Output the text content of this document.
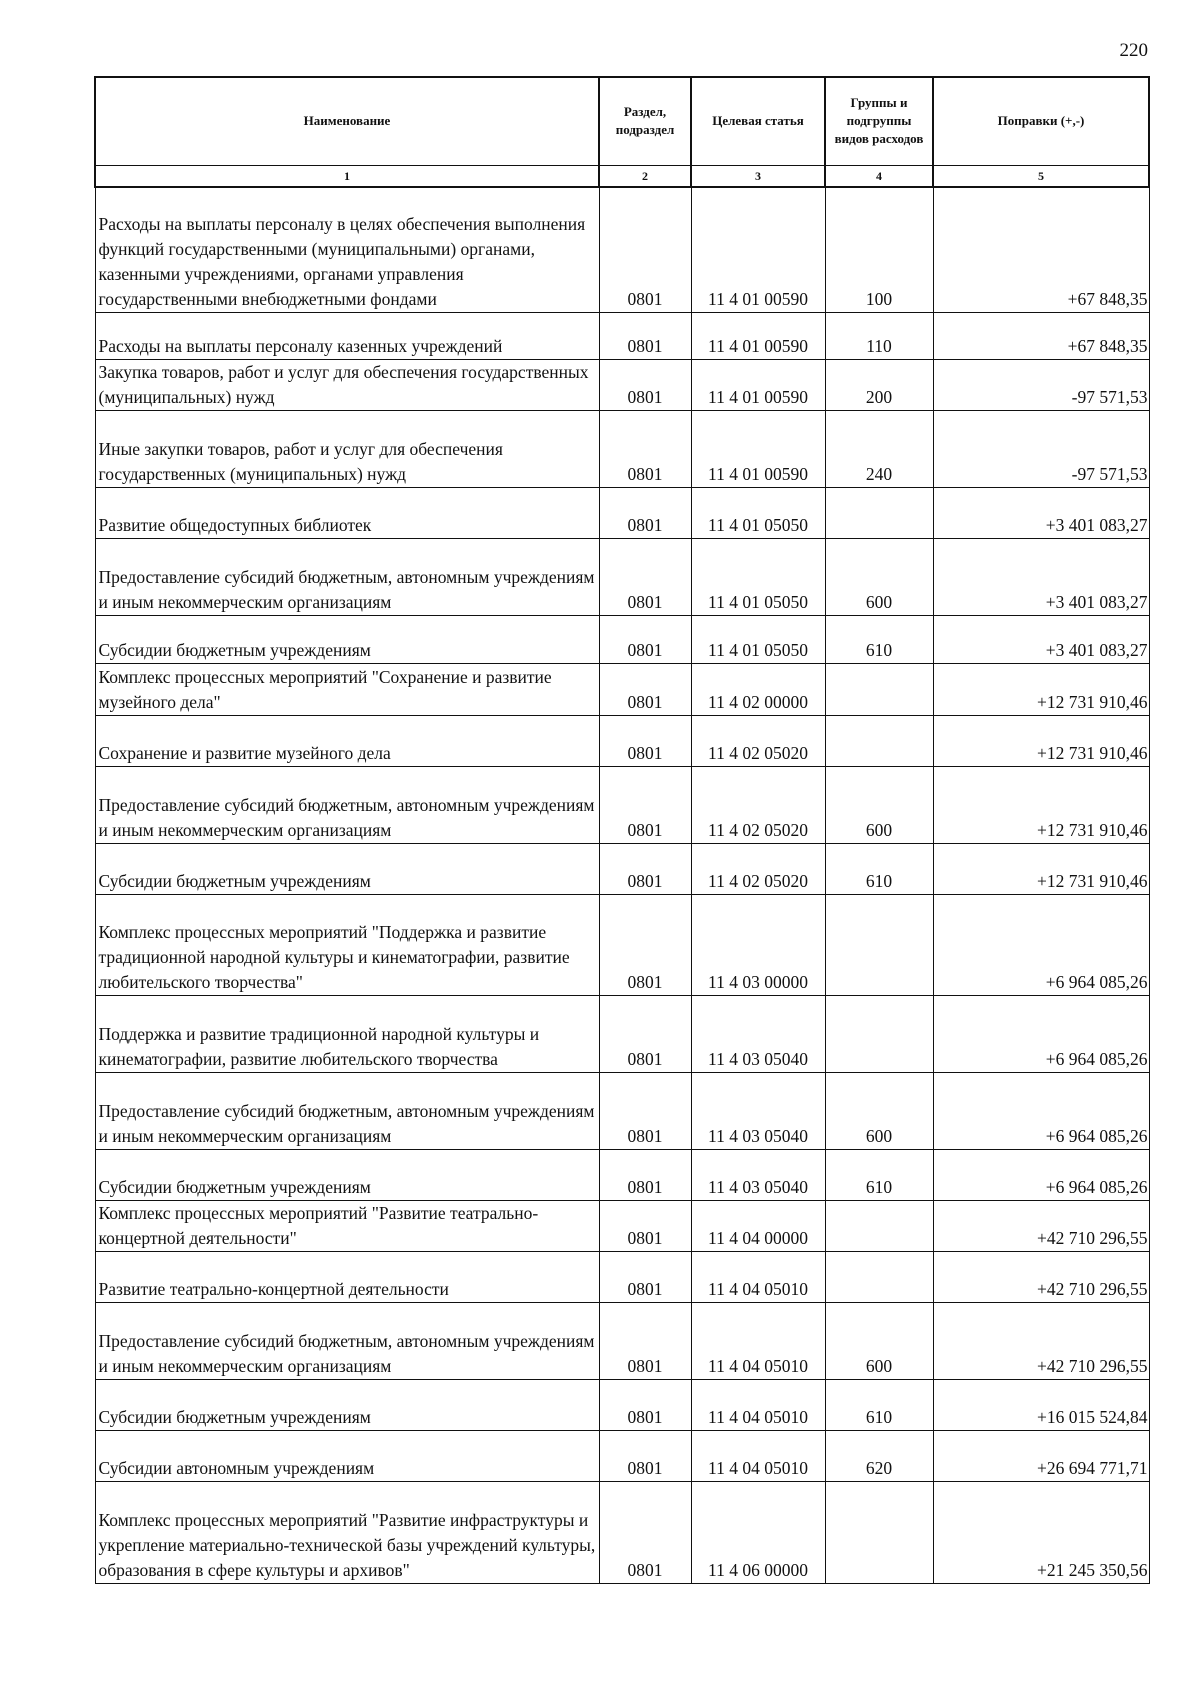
220
Наименование	Раздел, подраздел	Целевая статья	Группы и подгруппы видов расходов	Поправки (+,-)
1	2	3	4	5
Расходы на выплаты персоналу в целях обеспечения выполнения функций государственными (муниципальными) органами, казенными учреждениями, органами управления государственными внебюджетными фондами	0801	11 4 01 00590	100	+67 848,35
Расходы на выплаты персоналу казенных учреждений	0801	11 4 01 00590	110	+67 848,35
Закупка товаров, работ и услуг для обеспечения государственных (муниципальных) нужд	0801	11 4 01 00590	200	-97 571,53
Иные закупки товаров, работ и услуг для обеспечения государственных (муниципальных) нужд	0801	11 4 01 00590	240	-97 571,53
Развитие общедоступных библиотек	0801	11 4 01 05050		+3 401 083,27
Предоставление субсидий бюджетным, автономным учреждениям и иным некоммерческим организациям	0801	11 4 01 05050	600	+3 401 083,27
Субсидии бюджетным учреждениям	0801	11 4 01 05050	610	+3 401 083,27
Комплекс процессных мероприятий "Сохранение и развитие музейного дела"	0801	11 4 02 00000		+12 731 910,46
Сохранение и развитие музейного дела	0801	11 4 02 05020		+12 731 910,46
Предоставление субсидий бюджетным, автономным учреждениям и иным некоммерческим организациям	0801	11 4 02 05020	600	+12 731 910,46
Субсидии бюджетным учреждениям	0801	11 4 02 05020	610	+12 731 910,46
Комплекс процессных мероприятий "Поддержка и развитие традиционной народной культуры и кинематографии, развитие любительского творчества"	0801	11 4 03 00000		+6 964 085,26
Поддержка и развитие традиционной народной культуры и кинематографии, развитие любительского творчества	0801	11 4 03 05040		+6 964 085,26
Предоставление субсидий бюджетным, автономным учреждениям и иным некоммерческим организациям	0801	11 4 03 05040	600	+6 964 085,26
Субсидии бюджетным учреждениям	0801	11 4 03 05040	610	+6 964 085,26
Комплекс процессных мероприятий "Развитие театрально-концертной деятельности"	0801	11 4 04 00000		+42 710 296,55
Развитие театрально-концертной деятельности	0801	11 4 04 05010		+42 710 296,55
Предоставление субсидий бюджетным, автономным учреждениям и иным некоммерческим организациям	0801	11 4 04 05010	600	+42 710 296,55
Субсидии бюджетным учреждениям	0801	11 4 04 05010	610	+16 015 524,84
Субсидии автономным учреждениям	0801	11 4 04 05010	620	+26 694 771,71
Комплекс процессных мероприятий "Развитие инфраструктуры и укрепление материально-технической базы учреждений культуры, образования в сфере культуры и архивов"	0801	11 4 06 00000		+21 245 350,56
